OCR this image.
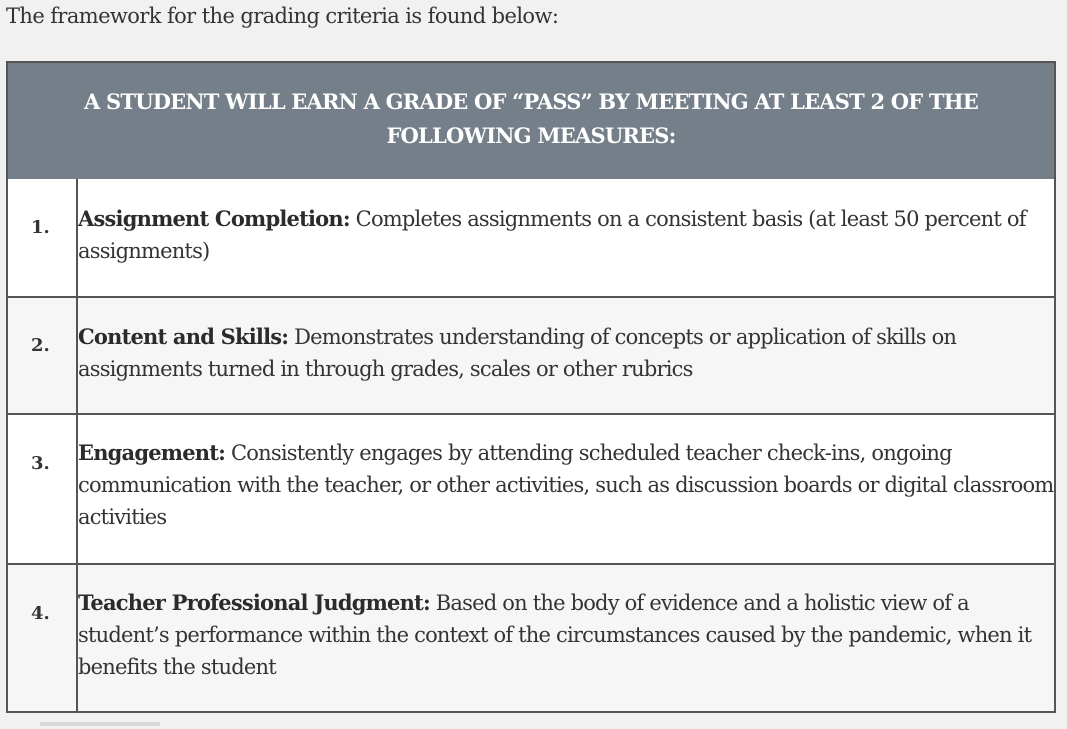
The framework for the grading criteria is found below:
A STUDENT WILL EARN A GRADE OF “PASS” BY MEETING AT LEAST 2 OF THE FOLLOWING MEASURES:
1. Assignment Completion: Completes assignments on a consistent basis (at least 50 percent of assignments)
2. Content and Skills: Demonstrates understanding of concepts or application of skills on assignments turned in through grades, scales or other rubrics
3. Engagement: Consistently engages by attending scheduled teacher check-ins, ongoing communication with the teacher, or other activities, such as discussion boards or digital classroom activities
4. Teacher Professional Judgment: Based on the body of evidence and a holistic view of a student’s performance within the context of the circumstances caused by the pandemic, when it benefits the student
